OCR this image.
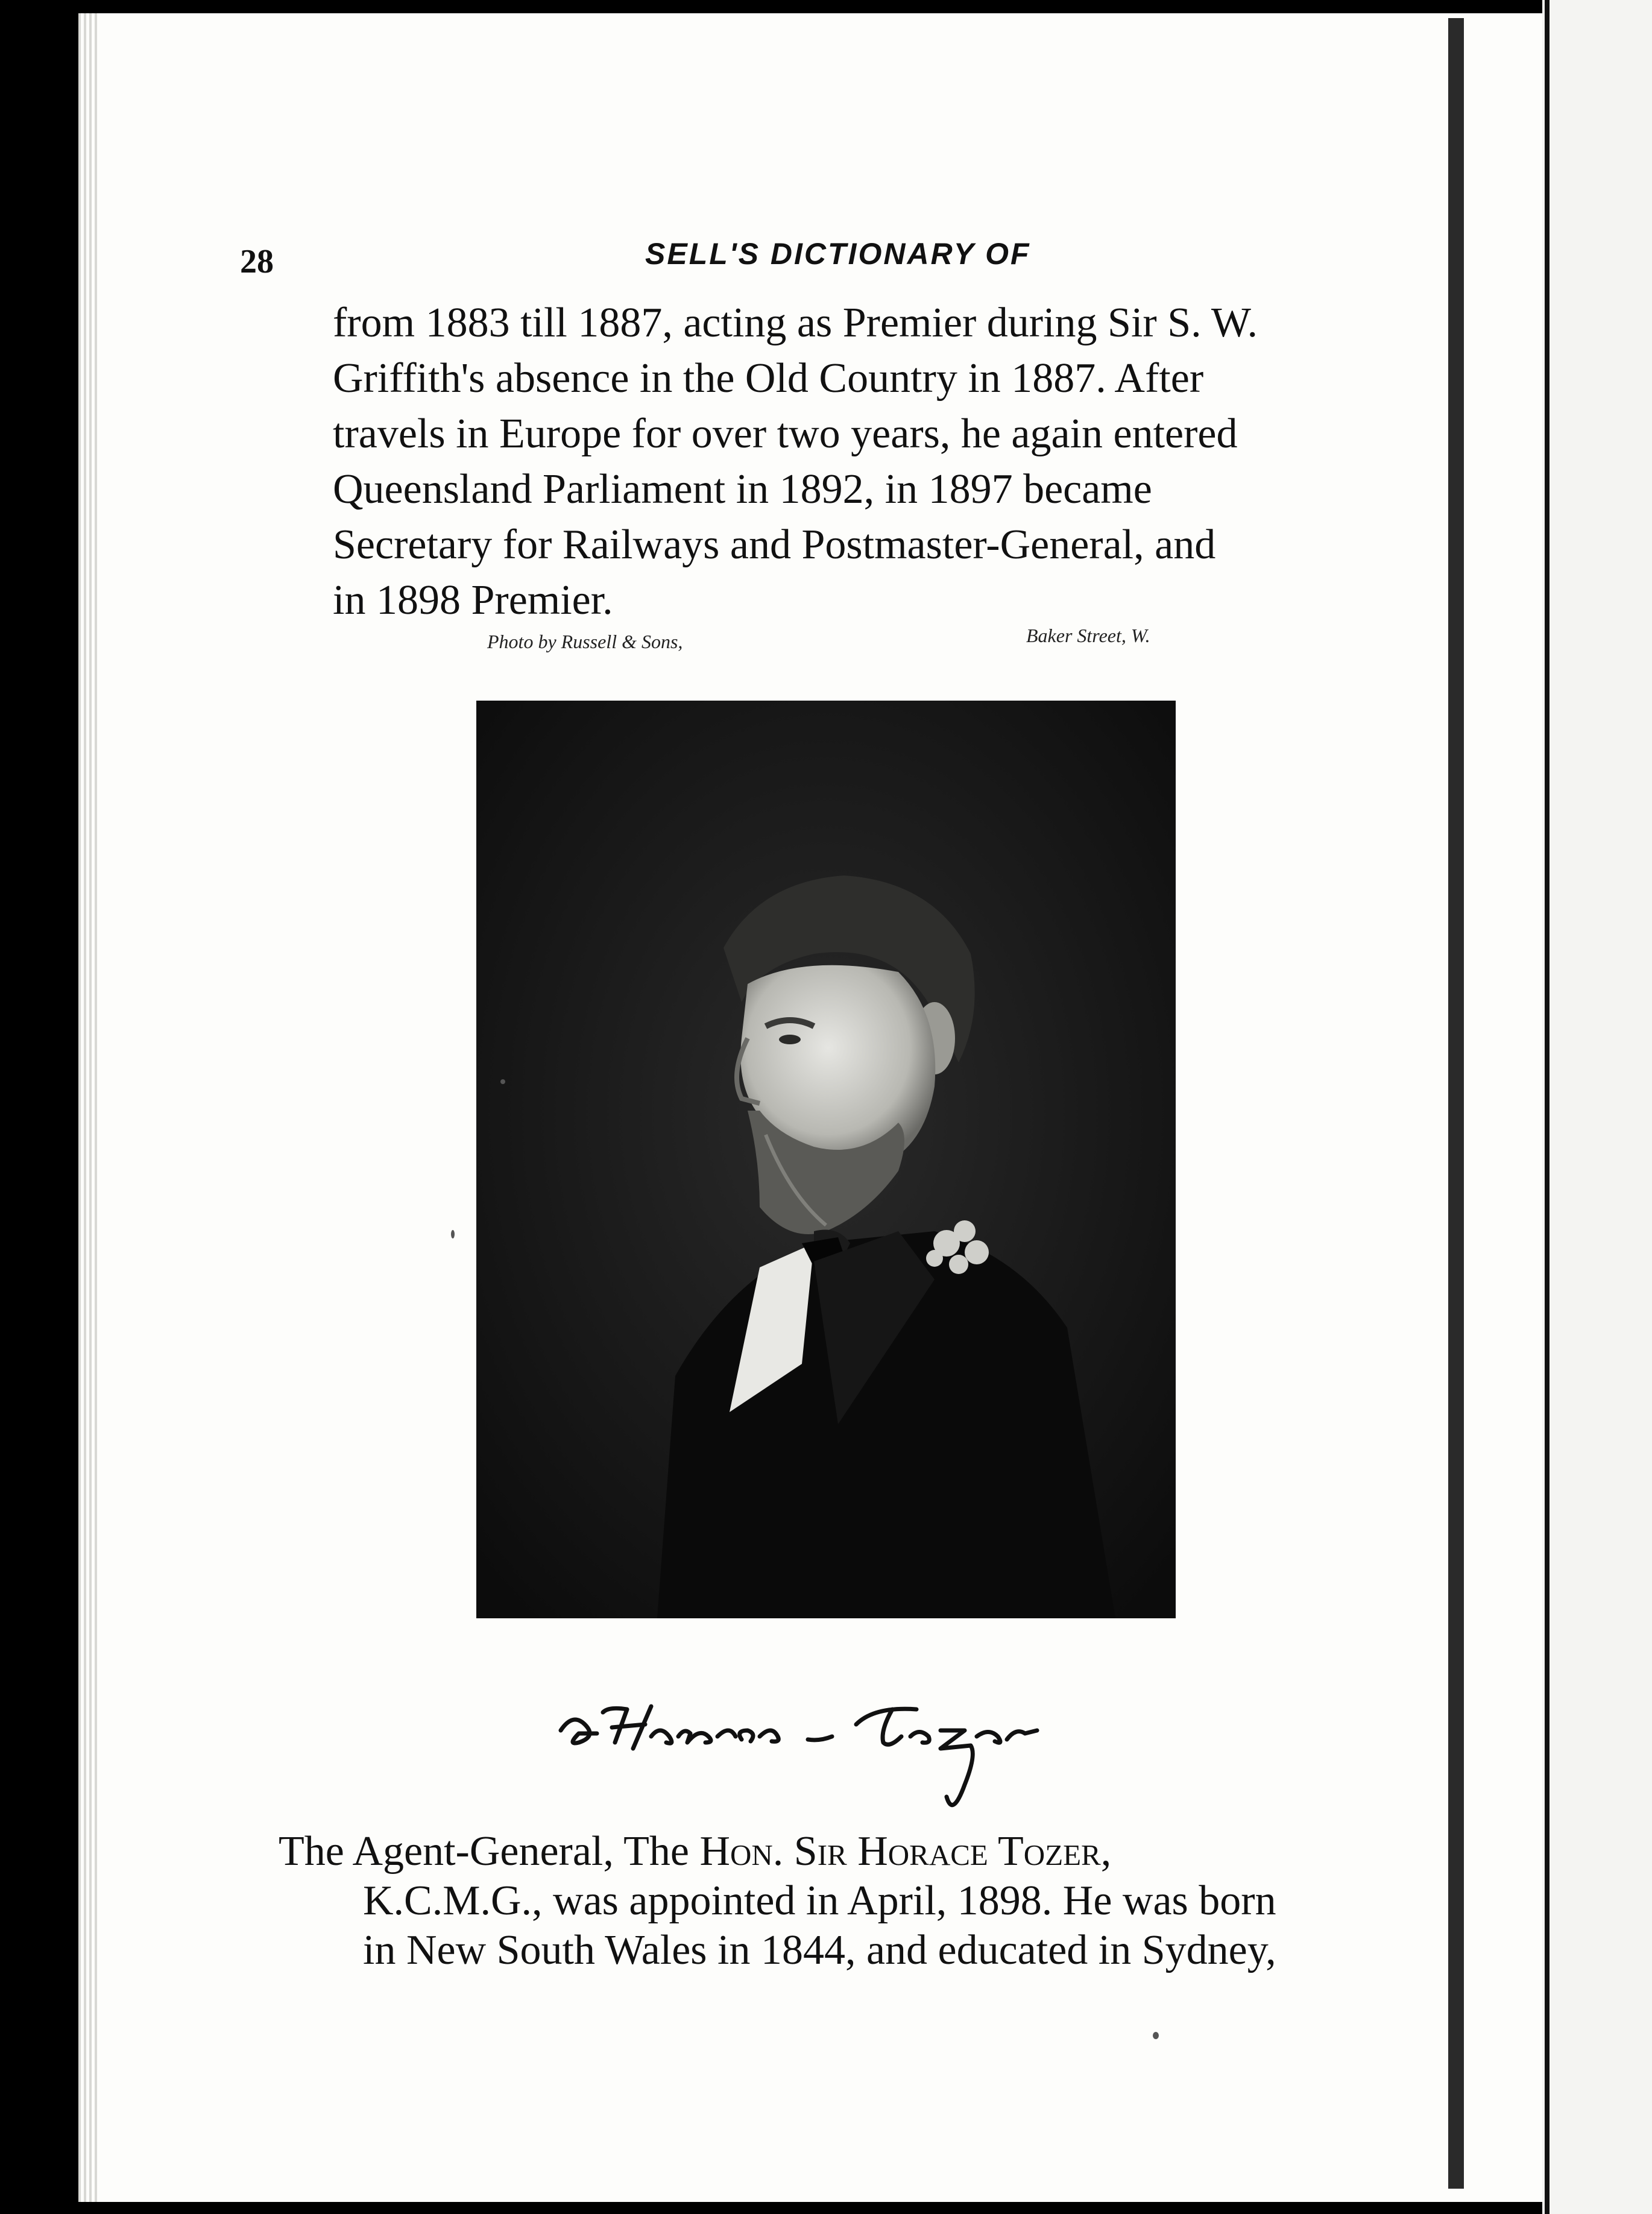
28	SELL'S DICTIONARY OF
from 1883 till 1887, acting as Premier during Sir S. W.
Griffith's absence in the Old Country in 1887. After
travels in Europe for over two years, he again entered
Queensland Parliament in 1892, in 1897 became
Secretary for Railways and Postmaster-General, and
in 1898 Premier.
Photo by Russell & Sons,	Baker Street, W.
The Agent-General, The Hon. Sir Horace Tozer,
K.C.M.G., was appointed in April, 1898. He was born
in New South Wales in 1844, and educated in Sydney,
